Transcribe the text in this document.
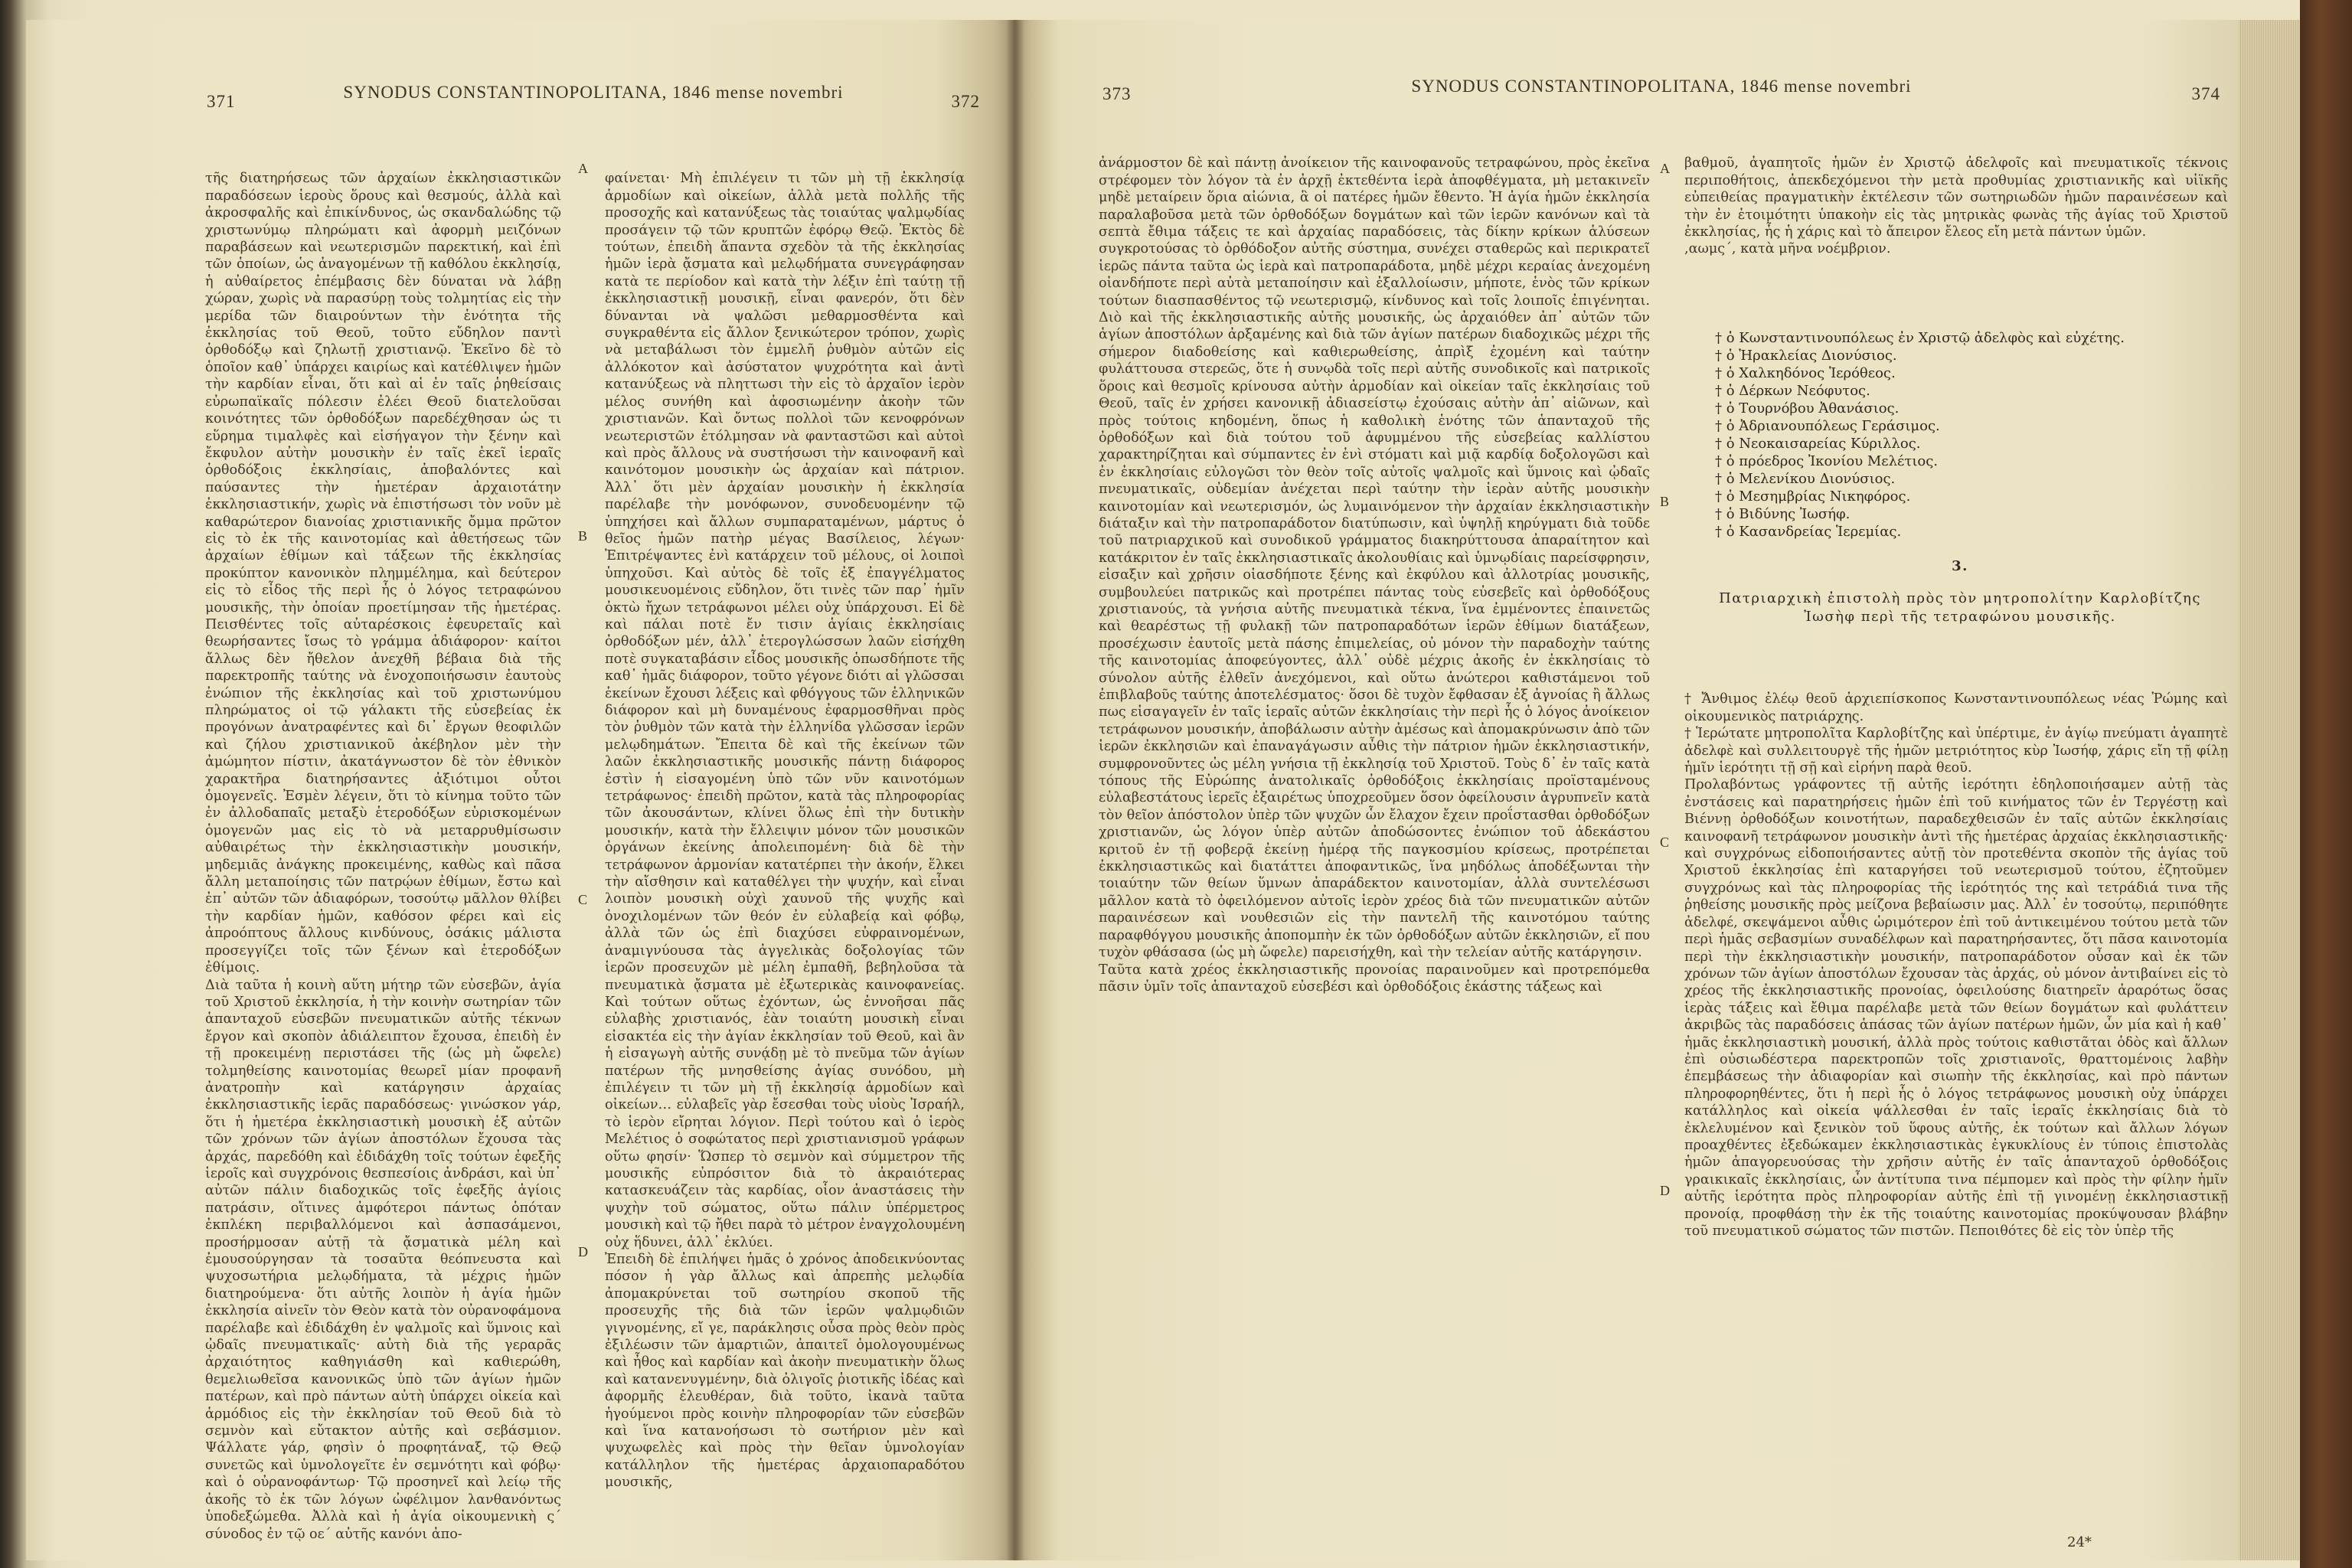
371	SYNODUS CONSTANTINOPOLITANA, 1846 mense novembri	372	373	SYNODUS CONSTANTINOPOLITANA, 1846 mense novembri	374

τῆς διατηρήσεως τῶν ἀρχαίων ἐκκλησιαστικῶν παραδόσεων ἱεροὺς ὅρους καὶ θεσμούς, ἀλλὰ καὶ ἀκροσφαλῆς καὶ ἐπικίνδυνος, ὡς σκανδαλώδης τῷ χριστωνύμῳ πληρώματι καὶ ἀφορμὴ μειζόνων παραβάσεων καὶ νεωτερισμῶν παρεκτική, καὶ ἐπὶ τῶν ὁποίων, ὡς ἀναγομένων τῇ καθόλου ἐκκλησίᾳ, ἡ αὐθαίρετος ἐπέμβασις δὲν δύναται νὰ λάβῃ χώραν, χωρὶς νὰ παρασύρῃ τοὺς τολμητίας εἰς τὴν μερίδα τῶν διαιρούντων τὴν ἑνότητα τῆς ἐκκλησίας τοῦ Θεοῦ, τοῦτο εὔδηλον παντὶ ὀρθοδόξῳ καὶ ζηλωτῇ χριστιανῷ. Ἐκεῖνο δὲ τὸ ὁποῖον καθ᾽ ὑπάρχει καιρίως καὶ κατέθλιψεν ἡμῶν τὴν καρδίαν εἶναι, ὅτι καὶ αἱ ἐν ταῖς ῥηθείσαις εὐρωπαϊκαῖς πόλεσιν ἐλέει Θεοῦ διατελοῦσαι κοινότητες τῶν ὀρθοδόξων παρεδέχθησαν ὡς τι εὕρημα τιμαλφὲς καὶ εἰσήγαγον τὴν ξένην καὶ ἔκφυλον αὐτὴν μουσικὴν ἐν ταῖς ἐκεῖ ἱεραῖς ὀρθοδόξοις ἐκκλησίαις, ἀποβαλόντες καὶ παύσαντες τὴν ἡμετέραν ἀρχαιοτάτην ἐκκλησιαστικήν, χωρὶς νὰ ἐπιστήσωσι τὸν νοῦν μὲ καθαρώτερον διανοίας χριστιανικῆς ὄμμα πρῶτον εἰς τὸ ἐκ τῆς καινοτομίας καὶ ἀθετήσεως τῶν ἀρχαίων ἐθίμων καὶ τάξεων τῆς ἐκκλησίας προκύπτον κανονικὸν πλημμέλημα, καὶ δεύτερον εἰς τὸ εἶδος τῆς περὶ ἧς ὁ λόγος τετραφώνου μουσικῆς, τὴν ὁποίαν προετίμησαν τῆς ἡμετέρας. Πεισθέντες τοῖς αὐταρέσκοις ἐφευρεταῖς καὶ θεωρήσαντες ἴσως τὸ γράμμα ἀδιάφορον· καίτοι ἄλλως δὲν ἤθελον ἀνεχθῆ βέβαια διὰ τῆς παρεκτροπῆς ταύτης νὰ ἐνοχοποιήσωσιν ἑαυτοὺς ἐνώπιον τῆς ἐκκλησίας καὶ τοῦ χριστωνύμου πληρώματος οἱ τῷ γάλακτι τῆς εὐσεβείας ἐκ προγόνων ἀνατραφέντες καὶ δι᾽ ἔργων θεοφιλῶν καὶ ζήλου χριστιανικοῦ ἀκέβηλον μὲν τὴν ἀμώμητον πίστιν, ἀκατάγνωστον δὲ τὸν ἐθνικὸν χαρακτῆρα διατηρήσαντες ἀξιότιμοι οὗτοι ὁμογενεῖς. Ἐσμὲν λέγειν, ὅτι τὸ κίνημα τοῦτο τῶν ἐν ἀλλοδαπαῖς μεταξὺ ἑτεροδόξων εὑρισκομένων ὁμογενῶν μας εἰς τὸ νὰ μεταρρυθμίσωσιν αὐθαιρέτως τὴν ἐκκλησιαστικὴν μουσικήν, μηδεμιᾶς ἀνάγκης προκειμένης, καθὼς καὶ πᾶσα ἄλλη μεταποίησις τῶν πατρῴων ἐθίμων, ἔστω καὶ ἐπ᾽ αὐτῶν τῶν ἀδιαφόρων, τοσούτῳ μᾶλλον θλίβει τὴν καρδίαν ἡμῶν, καθόσον φέρει καὶ εἰς ἀπροόπτους ἄλλους κινδύνους, ὁσάκις μάλιστα προσεγγίζει τοῖς τῶν ξένων καὶ ἑτεροδόξων ἐθίμοις.
Διὰ ταῦτα ἡ κοινὴ αὕτη μήτηρ τῶν εὐσεβῶν, ἁγία τοῦ Χριστοῦ ἐκκλησία, ἡ τὴν κοινὴν σωτηρίαν τῶν ἁπανταχοῦ εὐσεβῶν πνευματικῶν αὐτῆς τέκνων ἔργον καὶ σκοπὸν ἀδιάλειπτον ἔχουσα, ἐπειδὴ ἐν τῇ προκειμένῃ περιστάσει τῆς (ὡς μὴ ὤφελε) τολμηθείσης καινοτομίας θεωρεῖ μίαν προφανῆ ἀνατροπὴν καὶ κατάργησιν ἀρχαίας ἐκκλησιαστικῆς ἱερᾶς παραδόσεως· γινώσκον γάρ, ὅτι ἡ ἡμετέρα ἐκκλησιαστικὴ μουσικὴ ἐξ αὐτῶν τῶν χρόνων τῶν ἁγίων ἀποστόλων ἔχουσα τὰς ἀρχάς, παρεδόθη καὶ ἐδιδάχθη τοῖς τούτων ἐφεξῆς ἱεροῖς καὶ συγχρόνοις θεσπεσίοις ἀνδράσι, καὶ ὑπ᾽ αὐτῶν πάλιν διαδοχικῶς τοῖς ἐφεξῆς ἁγίοις πατράσιν, οἵτινες ἀμφότεροι πάντως ὁπόταν ἐκπλέκη περιβαλλόμενοι καὶ ἀσπασάμενοι, προσήρμοσαν αὐτῇ τὰ ᾄσματικὰ μέλη καὶ ἐμουσούργησαν τὰ τοσαῦτα θεόπνευστα καὶ ψυχοσωτήρια μελῳδήματα, τὰ μέχρις ἡμῶν διατηρούμενα· ὅτι αὐτῆς λοιπὸν ἡ ἁγία ἡμῶν ἐκκλησία αἰνεῖν τὸν Θεὸν κατὰ τὸν οὐρανοφάμονα παρέλαβε καὶ ἐδιδάχθη ἐν ψαλμοῖς καὶ ὕμνοις καὶ ᾠδαῖς πνευματικαῖς· αὐτὴ διὰ τῆς γεραρᾶς ἀρχαιότητος καθηγιάσθη καὶ καθιερώθη, θεμελιωθεῖσα κανονικῶς ὑπὸ τῶν ἁγίων ἡμῶν πατέρων, καὶ πρὸ πάντων αὐτὴ ὑπάρχει οἰκεία καὶ ἁρμόδιος εἰς τὴν ἐκκλησίαν τοῦ Θεοῦ διὰ τὸ σεμνὸν καὶ εὔτακτον αὐτῆς καὶ σεβάσμιον. Ψάλλατε γάρ, φησὶν ὁ προφητάναξ, τῷ Θεῷ συνετῶς καὶ ὑμνολογεῖτε ἐν σεμνότητι καὶ φόβῳ· καὶ ὁ οὐρανοφάντωρ· Τῷ προσηνεῖ καὶ λείῳ τῆς ἀκοῆς τὸ ἐκ τῶν λόγων ὠφέλιμον λανθανόντως ὑποδεξώμεθα. Ἀλλὰ καὶ ἡ ἁγία οἰκουμενικὴ ς´ σύνοδος ἐν τῷ οε´ αὐτῆς κανόνι ἀπο-

φαίνεται· Μὴ ἐπιλέγειν τι τῶν μὴ τῇ ἐκκλησίᾳ ἁρμοδίων καὶ οἰκείων, ἀλλὰ μετὰ πολλῆς τῆς προσοχῆς καὶ κατανύξεως τὰς τοιαύτας ψαλμῳδίας προσάγειν τῷ τῶν κρυπτῶν ἐφόρῳ Θεῷ. Ἐκτὸς δὲ τούτων, ἐπειδὴ ἅπαντα σχεδὸν τὰ τῆς ἐκκλησίας ἡμῶν ἱερὰ ᾄσματα καὶ μελῳδήματα συνεγράφησαν κατὰ τε περίοδον καὶ κατὰ τὴν λέξιν ἐπὶ ταύτῃ τῇ ἐκκλησιαστικῇ μουσικῇ, εἶναι φανερόν, ὅτι δὲν δύνανται νὰ ψαλῶσι μεθαρμοσθέντα καὶ συγκραθέντα εἰς ἄλλον ξενικώτερον τρόπον, χωρὶς νὰ μεταβάλωσι τὸν ἐμμελῆ ῥυθμὸν αὐτῶν εἰς ἀλλόκοτον καὶ ἀσύστατον ψυχρότητα καὶ ἀντὶ κατανύξεως νὰ πληττωσι τὴν εἰς τὸ ἀρχαῖον ἱερὸν μέλος συνήθη καὶ ἀφοσιωμένην ἀκοὴν τῶν χριστιανῶν. Καὶ ὄντως πολλοὶ τῶν κενοφρόνων νεωτεριστῶν ἐτόλμησαν νὰ φανταστῶσι καὶ αὐτοὶ καὶ πρὸς ἄλλους νὰ συστήσωσι τὴν καινοφανῆ καὶ καινότομον μουσικὴν ὡς ἀρχαίαν καὶ πάτριον. Ἀλλ᾽ ὅτι μὲν ἀρχαίαν μουσικὴν ἡ ἐκκλησία παρέλαβε τὴν μονόφωνον, συνοδευομένην τῷ ὑπηχήσει καὶ ἄλλων συμπαραταμένων, μάρτυς ὁ θεῖος ἡμῶν πατὴρ μέγας Βασίλειος, λέγων· Ἐπιτρέψαντες ἐνὶ κατάρχειν τοῦ μέλους, οἱ λοιποὶ ὑπηχοῦσι. Καὶ αὐτὸς δὲ τοῖς ἐξ ἐπαγγέλματος μουσικευομένοις εὔδηλον, ὅτι τινὲς τῶν παρ᾽ ἡμῖν ὀκτὼ ἤχων τετράφωνοι μέλει οὐχ ὑπάρχουσι. Εἰ δὲ καὶ πάλαι ποτὲ ἔν τισιν ἁγίαις ἐκκλησίαις ὀρθοδόξων μέν, ἀλλ᾽ ἑτερογλώσσων λαῶν εἰσήχθη ποτὲ συγκαταβάσιν εἶδος μουσικῆς ὁπωσδήποτε τῆς καθ᾽ ἡμᾶς διάφορον, τοῦτο γέγονε διότι αἱ γλῶσσαι ἐκείνων ἔχουσι λέξεις καὶ φθόγγους τῶν ἑλληνικῶν διάφορον καὶ μὴ δυναμένους ἐφαρμοσθῆναι πρὸς τὸν ῥυθμὸν τῶν κατὰ τὴν ἑλληνίδα γλῶσσαν ἱερῶν μελῳδημάτων. Ἔπειτα δὲ καὶ τῆς ἐκείνων τῶν λαῶν ἐκκλησιαστικῆς μουσικῆς πάντῃ διάφορος ἐστὶν ἡ εἰσαγομένη ὑπὸ τῶν νῦν καινοτόμων τετράφωνος· ἐπειδὴ πρῶτον, κατὰ τὰς πληροφορίας τῶν ἀκουσάντων, κλίνει ὅλως ἐπὶ τὴν δυτικὴν μουσικήν, κατὰ τὴν ἔλλειψιν μόνον τῶν μουσικῶν ὀργάνων ἐκείνης ἀπολειπομένη· διὰ δὲ τὴν τετράφωνον ἁρμονίαν κατατέρπει τὴν ἀκοήν, ἕλκει τὴν αἴσθησιν καὶ καταθέλγει τὴν ψυχήν, καὶ εἶναι λοιπὸν μουσικὴ οὐχὶ χαυνοῦ τῆς ψυχῆς καὶ ὀνοχιλομένων τῶν θεόν ἐν εὐλαβείᾳ καὶ φόβῳ, ἀλλὰ τῶν ὡς ἐπὶ διαχύσει εὐφραινομένων, ἀναμιγνύουσα τὰς ἀγγελικὰς δοξολογίας τῶν ἱερῶν προσευχῶν μὲ μέλη ἐμπαθῆ, βεβηλοῦσα τὰ πνευματικὰ ᾄσματα μὲ ἐξωτερικὰς καινοφανείας. Καὶ τούτων οὕτως ἐχόντων, ὡς ἐννοῆσαι πᾶς εὐλαβὴς χριστιανός, ἐὰν τοιαύτη μουσικὴ εἶναι εἰσακτέα εἰς τὴν ἁγίαν ἐκκλησίαν τοῦ Θεοῦ, καὶ ἂν ἡ εἰσαγωγὴ αὐτῆς συνᾴδῃ μὲ τὸ πνεῦμα τῶν ἁγίων πατέρων τῆς μνησθείσης ἁγίας συνόδου, μὴ ἐπιλέγειν τι τῶν μὴ τῇ ἐκκλησίᾳ ἁρμοδίων καὶ οἰκείων… εὐλαβεῖς γὰρ ἔσεσθαι τοὺς υἱοὺς Ἰσραήλ, τὸ ἱερὸν εἴρηται λόγιον. Περὶ τούτου καὶ ὁ ἱερὸς Μελέτιος ὁ σοφώτατος περὶ χριστιανισμοῦ γράφων οὕτω φησίν· Ὥσπερ τὸ σεμνὸν καὶ σύμμετρον τῆς μουσικῆς εὐπρόσιτον διὰ τὸ ἀκραιότερας κατασκευάζειν τὰς καρδίας, οἷον ἀναστάσεις τὴν ψυχὴν τοῦ σώματος, οὕτω πάλιν ὑπέρμετρος μουσικὴ καὶ τῷ ἤθει παρὰ τὸ μέτρον ἐναγχολουμένη οὐχ ἥδυνει, ἀλλ᾽ ἐκλύει.
Ἐπειδὴ δὲ ἐπιλήψει ἡμᾶς ὁ χρόνος ἀποδεικνύοντας πόσον ἡ γὰρ ἄλλως καὶ ἀπρεπὴς μελῳδία ἀπομακρύνεται τοῦ σωτηρίου σκοποῦ τῆς προσευχῆς τῆς διὰ τῶν ἱερῶν ψαλμῳδιῶν γιγνομένης, εἴ γε, παράκλησις οὖσα πρὸς θεὸν πρὸς ἐξιλέωσιν τῶν ἁμαρτιῶν, ἀπαιτεῖ ὁμολογουμένως καὶ ἦθος καὶ καρδίαν καὶ ἀκοὴν πνευματικὴν ὅλως καὶ κατανενυγμένην, διὰ ὀλιγοῖς ῥιοτικῆς ἰδέας καὶ ἀφορμῆς ἐλευθέραν, διὰ τοῦτο, ἰκανὰ ταῦτα ἡγούμενοι πρὸς κοινὴν πληροφορίαν τῶν εὐσεβῶν καὶ ἵνα κατανοήσωσι τὸ σωτήριον μὲν καὶ ψυχωφελὲς καὶ πρὸς τὴν θεῖαν ὑμνολογίαν κατάλληλον τῆς ἡμετέρας ἀρχαιοπαραδότου μουσικῆς,

A
B
C
D

ἀνάρμοστον δὲ καὶ πάντῃ ἀνοίκειον τῆς καινοφανοῦς τετραφώνου, πρὸς ἐκεῖνα στρέφομεν τὸν λόγον τὰ ἐν ἀρχῇ ἐκτεθέντα ἱερὰ ἀποφθέγματα, μὴ μετακινεῖν μηδὲ μεταίρειν ὅρια αἰώνια, ἃ οἱ πατέρες ἡμῶν ἔθεντο. Ἡ ἁγία ἡμῶν ἐκκλησία παραλαβοῦσα μετὰ τῶν ὀρθοδόξων δογμάτων καὶ τῶν ἱερῶν κανόνων καὶ τὰ σεπτὰ ἔθιμα τάξεις τε καὶ ἀρχαίας παραδόσεις, τὰς δίκην κρίκων ἁλύσεων συγκροτούσας τὸ ὀρθόδοξον αὐτῆς σύστημα, συνέχει σταθερῶς καὶ περικρατεῖ ἱερῶς πάντα ταῦτα ὡς ἱερὰ καὶ πατροπαράδοτα, μηδὲ μέχρι κεραίας ἀνεχομένη οἰανδήποτε περὶ αὐτὰ μεταποίησιν καὶ ἐξαλλοίωσιν, μήποτε, ἑνὸς τῶν κρίκων τούτων διασπασθέντος τῷ νεωτερισμῷ, κίνδυνος καὶ τοῖς λοιποῖς ἐπιγένηται. Διὸ καὶ τῆς ἐκκλησιαστικῆς αὐτῆς μουσικῆς, ὡς ἀρχαιόθεν ἀπ᾽ αὐτῶν τῶν ἁγίων ἀποστόλων ἀρξαμένης καὶ διὰ τῶν ἁγίων πατέρων διαδοχικῶς μέχρι τῆς σήμερον διαδοθείσης καὶ καθιερωθείσης, ἀπρὶξ ἐχομένη καὶ ταύτην φυλάττουσα στερεῶς, ὅτε ἡ συνῳδὰ τοῖς περὶ αὐτῆς συνοδικοῖς καὶ πατρικοῖς ὅροις καὶ θεσμοῖς κρίνουσα αὐτὴν ἁρμοδίαν καὶ οἰκείαν ταῖς ἐκκλησίαις τοῦ Θεοῦ, ταῖς ἐν χρήσει κανονικῇ ἀδιασείστῳ ἐχούσαις αὐτὴν ἀπ᾽ αἰῶνων, καὶ πρὸς τούτοις κηδομένη, ὅπως ἡ καθολικὴ ἑνότης τῶν ἁπανταχοῦ τῆς ὀρθοδόξων καὶ διὰ τούτου τοῦ ἀφυμμένου τῆς εὐσεβείας καλλίστου χαρακτηρίζηται καὶ σύμπαντες ἐν ἑνὶ στόματι καὶ μιᾷ καρδίᾳ δοξολογῶσι καὶ ἐν ἐκκλησίαις εὐλογῶσι τὸν θεὸν τοῖς αὐτοῖς ψαλμοῖς καὶ ὕμνοις καὶ ᾠδαῖς πνευματικαῖς, οὐδεμίαν ἀνέχεται περὶ ταύτην τὴν ἱερὰν αὐτῆς μουσικὴν καινοτομίαν καὶ νεωτερισμόν, ὡς λυμαινόμενον τὴν ἀρχαίαν ἐκκλησιαστικὴν διάταξιν καὶ τὴν πατροπαράδοτον διατύπωσιν, καὶ ὑψηλῇ κηρύγματι διὰ τοῦδε τοῦ πατριαρχικοῦ καὶ συνοδικοῦ γράμματος διακηρύττουσα ἀπαραίτητον καὶ κατάκριτον ἐν ταῖς ἐκκλησιαστικαῖς ἀκολουθίαις καὶ ὑμνῳδίαις παρείσφρησιν, εἰσαξιν καὶ χρῆσιν οἱασδήποτε ξένης καὶ ἐκφύλου καὶ ἀλλοτρίας μουσικῆς, συμβουλεύει πατρικῶς καὶ προτρέπει πάντας τοὺς εὐσεβεῖς καὶ ὀρθοδόξους χριστιανούς, τὰ γνήσια αὐτῆς πνευματικὰ τέκνα, ἵνα ἐμμένοντες ἐπαινετῶς καὶ θεαρέστως τῇ φυλακῇ τῶν πατροπαραδότων ἱερῶν ἐθίμων διατάξεων, προσέχωσιν ἑαυτοῖς μετὰ πάσης ἐπιμελείας, οὐ μόνον τὴν παραδοχὴν ταύτης τῆς καινοτομίας ἀποφεύγοντες, ἀλλ᾽ οὐδὲ μέχρις ἀκοῆς ἐν ἐκκλησίαις τὸ σύνολον αὐτῆς ἐλθεῖν ἀνεχόμενοι, καὶ οὕτω ἀνώτεροι καθιστάμενοι τοῦ ἐπιβλαβοῦς ταύτης ἀποτελέσματος· ὅσοι δὲ τυχὸν ἔφθασαν ἐξ ἀγνοίας ἢ ἄλλως πως εἰσαγαγεῖν ἐν ταῖς ἱεραῖς αὐτῶν ἐκκλησίαις τὴν περὶ ἧς ὁ λόγος ἀνοίκειον τετράφωνον μουσικήν, ἀποβάλωσιν αὐτὴν ἀμέσως καὶ ἀπομακρύνωσιν ἀπὸ τῶν ἱερῶν ἐκκλησιῶν καὶ ἐπαναγάγωσιν αὖθις τὴν πάτριον ἡμῶν ἐκκλησιαστικήν, συμφρονοῦντες ὡς μέλη γνήσια τῇ ἐκκλησίᾳ τοῦ Χριστοῦ. Τοὺς δ᾽ ἐν ταῖς κατὰ τόπους τῆς Εὐρώπης ἀνατολικαῖς ὀρθοδόξοις ἐκκλησίαις προϊσταμένους εὐλαβεστάτους ἱερεῖς ἐξαιρέτως ὑποχρεοῦμεν ὅσον ὀφείλουσιν ἀγρυπνεῖν κατὰ τὸν θεῖον ἀπόστολον ὑπὲρ τῶν ψυχῶν ὧν ἔλαχον ἔχειν προΐστασθαι ὀρθοδόξων χριστιανῶν, ὡς λόγον ὑπὲρ αὐτῶν ἀποδώσοντες ἐνώπιον τοῦ ἀδεκάστου κριτοῦ ἐν τῇ φοβερᾷ ἐκείνῃ ἡμέρᾳ τῆς παγκοσμίου κρίσεως, προτρέπεται ἐκκλησιαστικῶς καὶ διατάττει ἀποφαντικῶς, ἵνα μηδόλως ἀποδέξωνται τὴν τοιαύτην τῶν θείων ὕμνων ἀπαράδεκτον καινοτομίαν, ἀλλὰ συντελέσωσι μᾶλλον κατὰ τὸ ὀφειλόμενον αὐτοῖς ἱερὸν χρέος διὰ τῶν πνευματικῶν αὐτῶν παραινέσεων καὶ νουθεσιῶν εἰς τὴν παντελῆ τῆς καινοτόμου ταύτης παραφθόγγου μουσικῆς ἀποπομπὴν ἐκ τῶν ὀρθοδόξων αὐτῶν ἐκκλησιῶν, εἴ που τυχὸν φθάσασα (ὡς μὴ ὤφελε) παρεισήχθη, καὶ τὴν τελείαν αὐτῆς κατάργησιν.
Ταῦτα κατὰ χρέος ἐκκλησιαστικῆς προνοίας παραινοῦμεν καὶ προτρεπόμεθα πᾶσιν ὑμῖν τοῖς ἁπανταχοῦ εὐσεβέσι καὶ ὀρθοδόξοις ἑκάστης τάξεως καὶ

βαθμοῦ, ἀγαπητοῖς ἡμῶν ἐν Χριστῷ ἀδελφοῖς καὶ πνευματικοῖς τέκνοις περιποθήτοις, ἀπεκδεχόμενοι τὴν μετὰ προθυμίας χριστιανικῆς καὶ υἱϊκῆς εὐπειθείας πραγματικὴν ἐκτέλεσιν τῶν σωτηριωδῶν ἡμῶν παραινέσεων καὶ τὴν ἐν ἑτοιμότητι ὑπακοὴν εἰς τὰς μητρικὰς φωνὰς τῆς ἁγίας τοῦ Χριστοῦ ἐκκλησίας, ἧς ἡ χάρις καὶ τὸ ἄπειρον ἔλεος εἴη μετὰ πάντων ὑμῶν.
,αωμς´, κατὰ μῆνα νοέμβριον.

† ὁ Κωνσταντινουπόλεως ἐν Χριστῷ ἀδελφὸς καὶ εὐχέτης.
† ὁ Ἡρακλείας Διονύσιος.
† ὁ Χαλκηδόνος Ἱερόθεος.
† ὁ Δέρκων Νεόφυτος.
† ὁ Τουρνόβου Ἀθανάσιος.
† ὁ Ἀδριανουπόλεως Γεράσιμος.
† ὁ Νεοκαισαρείας Κύριλλος.
† ὁ πρόεδρος Ἰκονίου Μελέτιος.
† ὁ Μελενίκου Διονύσιος.
† ὁ Μεσημβρίας Νικηφόρος.
† ὁ Βιδύνης Ἰωσήφ.
† ὁ Κασανδρείας Ἱερεμίας.
3.
Πατριαρχικὴ ἐπιστολὴ πρὸς τὸν μητροπολίτην Καρλοβίτζης Ἰωσὴφ περὶ τῆς τετραφώνου μουσικῆς.

† Ἄνθιμος ἐλέῳ θεοῦ ἀρχιεπίσκοπος Κωνσταντινουπόλεως νέας Ῥώμης καὶ οἰκουμενικὸς πατριάρχης.
† Ἱερώτατε μητροπολῖτα Καρλοβίτζης καὶ ὑπέρτιμε, ἐν ἁγίῳ πνεύματι ἀγαπητὲ ἀδελφὲ καὶ συλλειτουργὲ τῆς ἡμῶν μετριότητος κὺρ Ἰωσήφ, χάρις εἴη τῇ φίλῃ ἡμῖν ἱερότητι τῇ σῇ καὶ εἰρήνη παρὰ θεοῦ.
Προλαβόντως γράφοντες τῇ αὐτῆς ἱερότητι ἐδηλοποιήσαμεν αὐτῇ τὰς ἐνστάσεις καὶ παρατηρήσεις ἡμῶν ἐπὶ τοῦ κινήματος τῶν ἐν Τεργέστῃ καὶ Βιέννῃ ὀρθοδόξων κοινοτήτων, παραδεχθεισῶν ἐν ταῖς αὐτῶν ἐκκλησίαις καινοφανῆ τετράφωνον μουσικὴν ἀντὶ τῆς ἡμετέρας ἀρχαίας ἐκκλησιαστικῆς· καὶ συγχρόνως εἰδοποιήσαντες αὐτῇ τὸν προτεθέντα σκοπὸν τῆς ἁγίας τοῦ Χριστοῦ ἐκκλησίας ἐπὶ καταργήσει τοῦ νεωτερισμοῦ τούτου, ἐζητοῦμεν συγχρόνως καὶ τὰς πληροφορίας τῆς ἱερότητός της καὶ τετράδιά τινα τῆς ῥηθείσης μουσικῆς πρὸς μείζονα βεβαίωσιν μας. Ἀλλ᾽ ἐν τοσούτῳ, περιπόθητε ἀδελφέ, σκεψάμενοι αὖθις ὡριμότερον ἐπὶ τοῦ ἀντικειμένου τούτου μετὰ τῶν περὶ ἡμᾶς σεβασμίων συναδέλφων καὶ παρατηρήσαντες, ὅτι πᾶσα καινοτομία περὶ τὴν ἐκκλησιαστικὴν μουσικήν, πατροπαράδοτον οὖσαν καὶ ἐκ τῶν χρόνων τῶν ἁγίων ἀποστόλων ἔχουσαν τὰς ἀρχάς, οὐ μόνον ἀντιβαίνει εἰς τὸ χρέος τῆς ἐκκλησιαστικῆς προνοίας, ὀφειλούσης διατηρεῖν ἀραρότως ὅσας ἱερὰς τάξεις καὶ ἔθιμα παρέλαβε μετὰ τῶν θείων δογμάτων καὶ φυλάττειν ἀκριβῶς τὰς παραδόσεις ἁπάσας τῶν ἁγίων πατέρων ἡμῶν, ὧν μία καὶ ἡ καθ᾽ ἡμᾶς ἐκκλησιαστικὴ μουσική, ἀλλὰ πρὸς τούτοις καθιστᾶται ὁδὸς καὶ ἄλλων ἐπὶ οὐσιωδέστερα παρεκτροπῶν τοῖς χριστιανοῖς, θραττομένοις λαβὴν ἐπεμβάσεως τὴν ἀδιαφορίαν καὶ σιωπὴν τῆς ἐκκλησίας, καὶ πρὸ πάντων πληροφορηθέντες, ὅτι ἡ περὶ ἧς ὁ λόγος τετράφωνος μουσικὴ οὐχ ὑπάρχει κατάλληλος καὶ οἰκεία ψάλλεσθαι ἐν ταῖς ἱεραῖς ἐκκλησίαις διὰ τὸ ἐκλελυμένον καὶ ξενικὸν τοῦ ὕφους αὐτῆς, ἐκ τούτων καὶ ἄλλων λόγων προαχθέντες ἐξεδώκαμεν ἐκκλησιαστικὰς ἐγκυκλίους ἐν τύποις ἐπιστολὰς ἡμῶν ἀπαγορευούσας τὴν χρῆσιν αὐτῆς ἐν ταῖς ἁπανταχοῦ ὀρθοδόξοις γραικικαῖς ἐκκλησίαις, ὧν ἀντίτυπα τινα πέμπομεν καὶ πρὸς τὴν φίλην ἡμῖν αὐτῆς ἱερότητα πρὸς πληροφορίαν αὐτῆς ἐπὶ τῇ γινομένῃ ἐκκλησιαστικῇ προνοίᾳ, προφθάσῃ τὴν ἐκ τῆς τοιαύτης καινοτομίας προκύψουσαν βλάβην τοῦ πνευματικοῦ σώματος τῶν πιστῶν. Πεποιθότες δὲ εἰς τὸν ὑπὲρ τῆς

A
B
C
D
24*
